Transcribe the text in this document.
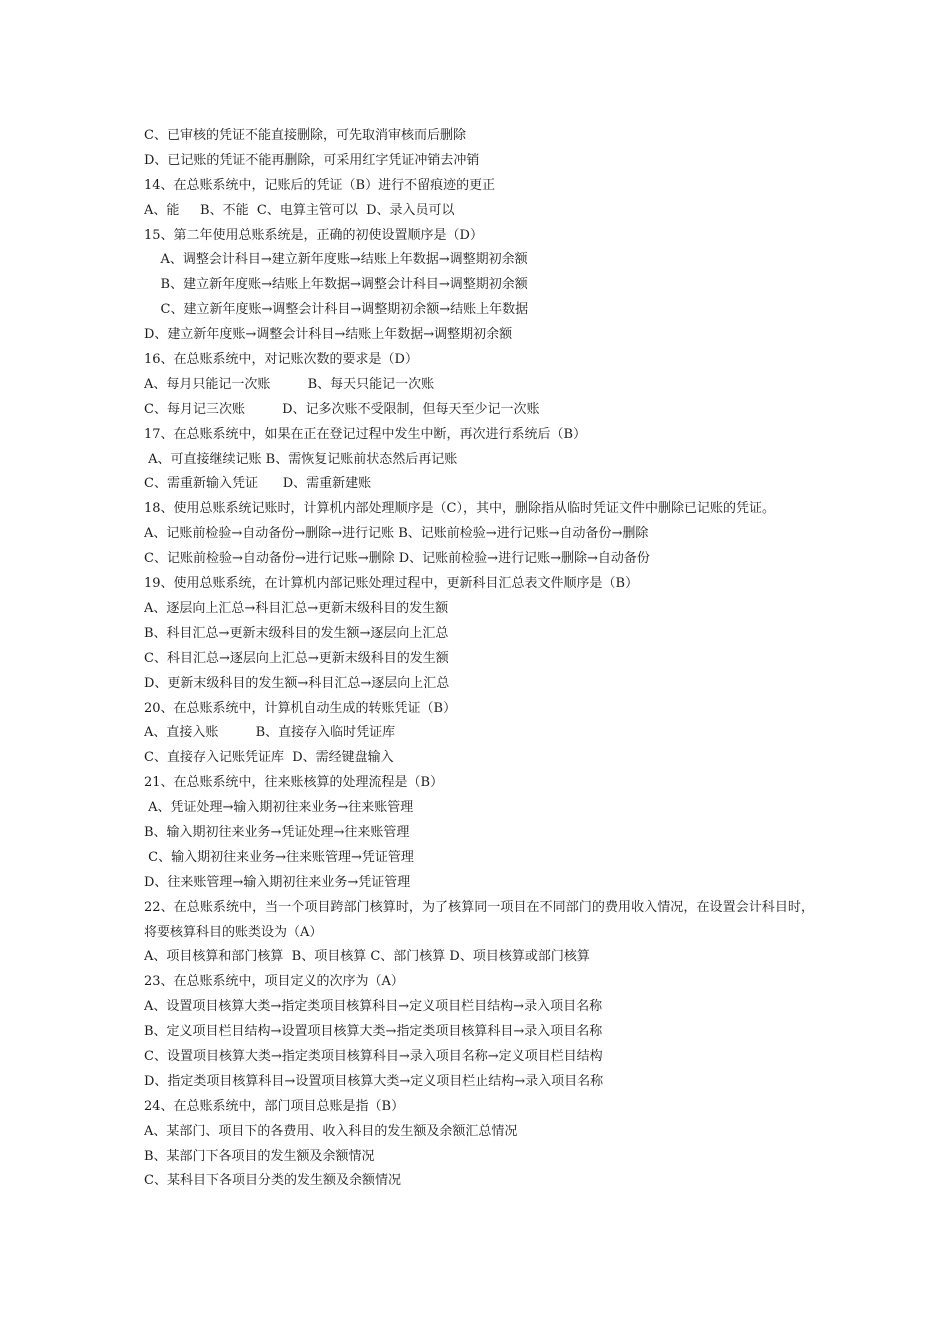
C、已审核的凭证不能直接删除，可先取消审核而后删除
D、已记账的凭证不能再删除，可采用红字凭证冲销去冲销
14、在总账系统中，记账后的凭证（B）进行不留痕迹的更正
A、能     B、不能  C、电算主管可以  D、录入员可以
15、第二年使用总账系统是，正确的初使设置顺序是（D）
A、调整会计科目→建立新年度账→结账上年数据→调整期初余额
B、建立新年度账→结账上年数据→调整会计科目→调整期初余额
C、建立新年度账→调整会计科目→调整期初余额→结账上年数据
D、建立新年度账→调整会计科目→结账上年数据→调整期初余额
16、在总账系统中，对记账次数的要求是（D）
A、每月只能记一次账         B、每天只能记一次账
C、每月记三次账         D、记多次账不受限制，但每天至少记一次账
17、在总账系统中，如果在正在登记过程中发生中断，再次进行系统后（B）
A、可直接继续记账 B、需恢复记账前状态然后再记账
C、需重新输入凭证      D、需重新建账
18、使用总账系统记账时，计算机内部处理顺序是（C），其中，删除指从临时凭证文件中删除已记账的凭证。
A、记账前检验→自动备份→删除→进行记账 B、记账前检验→进行记账→自动备份→删除
C、记账前检验→自动备份→进行记账→删除 D、记账前检验→进行记账→删除→自动备份
19、使用总账系统，在计算机内部记账处理过程中，更新科目汇总表文件顺序是（B）
A、逐层向上汇总→科目汇总→更新末级科目的发生额
B、科目汇总→更新末级科目的发生额→逐层向上汇总
C、科目汇总→逐层向上汇总→更新末级科目的发生额
D、更新末级科目的发生额→科目汇总→逐层向上汇总
20、在总账系统中，计算机自动生成的转账凭证（B）
A、直接入账         B、直接存入临时凭证库
C、直接存入记账凭证库  D、需经键盘输入
21、在总账系统中，往来账核算的处理流程是（B）
A、凭证处理→输入期初往来业务→往来账管理
B、输入期初往来业务→凭证处理→往来账管理
C、输入期初往来业务→往来账管理→凭证管理
D、往来账管理→输入期初往来业务→凭证管理
22、在总账系统中，当一个项目跨部门核算时，为了核算同一项目在不同部门的费用收入情况，在设置会计科目时，将要核算科目的账类设为（A）
A、项目核算和部门核算  B、项目核算 C、部门核算 D、项目核算或部门核算
23、在总账系统中，项目定义的次序为（A）
A、设置项目核算大类→指定类项目核算科目→定义项目栏目结构→录入项目名称
B、定义项目栏目结构→设置项目核算大类→指定类项目核算科目→录入项目名称
C、设置项目核算大类→指定类项目核算科目→录入项目名称→定义项目栏目结构
D、指定类项目核算科目→设置项目核算大类→定义项目栏止结构→录入项目名称
24、在总账系统中，部门项目总账是指（B）
A、某部门、项目下的各费用、收入科目的发生额及余额汇总情况
B、某部门下各项目的发生额及余额情况
C、某科目下各项目分类的发生额及余额情况
